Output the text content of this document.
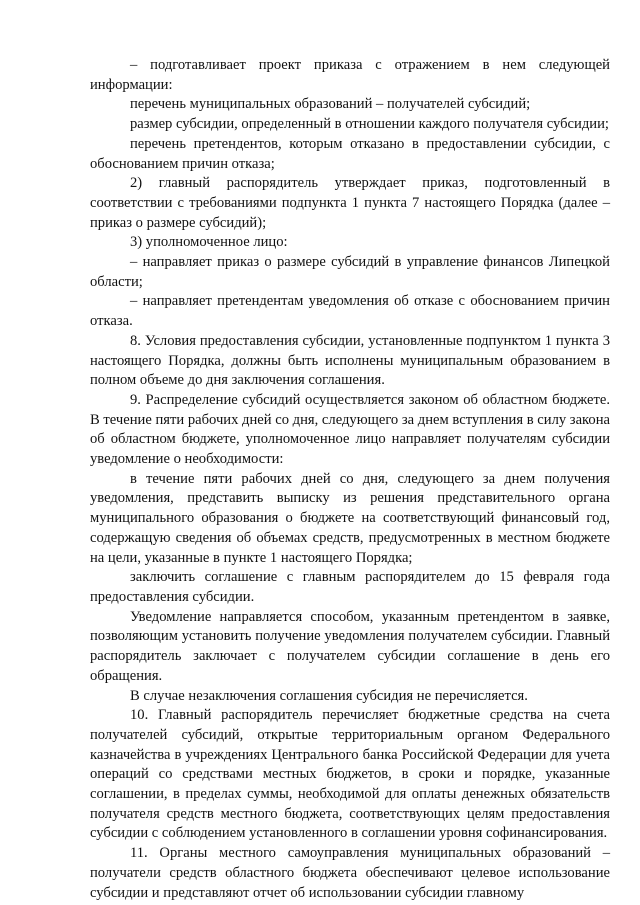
– подготавливает проект приказа с отражением в нем следующей информации:

перечень муниципальных образований – получателей субсидий;

размер субсидии, определенный в отношении каждого получателя субсидии;

перечень претендентов, которым отказано в предоставлении субсидии, с обоснованием причин отказа;

2) главный распорядитель утверждает приказ, подготовленный в соответствии с требованиями подпункта 1 пункта 7 настоящего Порядка (далее – приказ о размере субсидий);

3) уполномоченное лицо:

– направляет приказ о размере субсидий в управление финансов Липецкой области;

– направляет претендентам уведомления об отказе с обоснованием причин отказа.

8. Условия предоставления субсидии, установленные подпунктом 1 пункта 3 настоящего Порядка, должны быть исполнены муниципальным образованием в полном объеме до дня заключения соглашения.

9. Распределение субсидий осуществляется законом об областном бюджете. В течение пяти рабочих дней со дня, следующего за днем вступления в силу закона об областном бюджете, уполномоченное лицо направляет получателям субсидии уведомление о необходимости:

в течение пяти рабочих дней со дня, следующего за днем получения уведомления, представить выписку из решения представительного органа муниципального образования о бюджете на соответствующий финансовый год, содержащую сведения об объемах средств, предусмотренных в местном бюджете на цели, указанные в пункте 1 настоящего Порядка;

заключить соглашение с главным распорядителем до 15 февраля года предоставления субсидии.

Уведомление направляется способом, указанным претендентом в заявке, позволяющим установить получение уведомления получателем субсидии. Главный распорядитель заключает с получателем субсидии соглашение в день его обращения.

В случае незаключения соглашения субсидия не перечисляется.

10. Главный распорядитель перечисляет бюджетные средства на счета получателей субсидий, открытые территориальным органом Федерального казначейства в учреждениях Центрального банка Российской Федерации для учета операций со средствами местных бюджетов, в сроки и порядке, указанные соглашении, в пределах суммы, необходимой для оплаты денежных обязательств получателя средств местного бюджета, соответствующих целям предоставления субсидии с соблюдением установленного в соглашении уровня софинансирования.

11. Органы местного самоуправления муниципальных образований – получатели средств областного бюджета обеспечивают целевое использование субсидии и представляют отчет об использовании субсидии главному
